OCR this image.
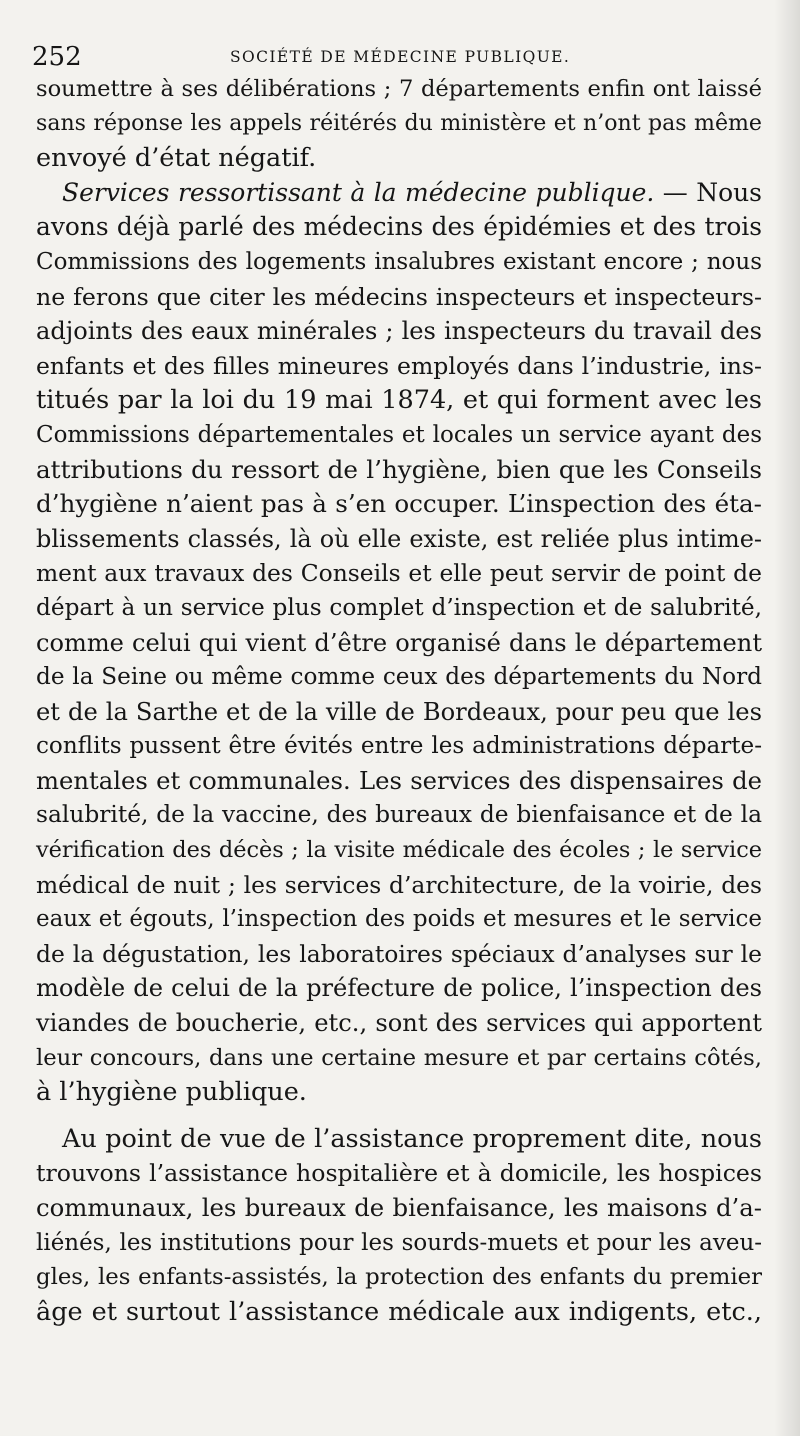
252	SOCIÉTÉ DE MÉDECINE PUBLIQUE.
soumettre à ses délibérations ; 7 départements enfin ont laissé
sans réponse les appels réitérés du ministère et n’ont pas même
envoyé d’état négatif.
Services ressortissant à la médecine publique. — Nous
avons déjà parlé des médecins des épidémies et des trois
Commissions des logements insalubres existant encore ; nous
ne ferons que citer les médecins inspecteurs et inspecteurs-
adjoints des eaux minérales ; les inspecteurs du travail des
enfants et des filles mineures employés dans l’industrie, ins-
titués par la loi du 19 mai 1874, et qui forment avec les
Commissions départementales et locales un service ayant des
attributions du ressort de l’hygiène, bien que les Conseils
d’hygiène n’aient pas à s’en occuper. L’inspection des éta-
blissements classés, là où elle existe, est reliée plus intime-
ment aux travaux des Conseils et elle peut servir de point de
départ à un service plus complet d’inspection et de salubrité,
comme celui qui vient d’être organisé dans le département
de la Seine ou même comme ceux des départements du Nord
et de la Sarthe et de la ville de Bordeaux, pour peu que les
conflits pussent être évités entre les administrations départe-
mentales et communales. Les services des dispensaires de
salubrité, de la vaccine, des bureaux de bienfaisance et de la
vérification des décès ; la visite médicale des écoles ; le service
médical de nuit ; les services d’architecture, de la voirie, des
eaux et égouts, l’inspection des poids et mesures et le service
de la dégustation, les laboratoires spéciaux d’analyses sur le
modèle de celui de la préfecture de police, l’inspection des
viandes de boucherie, etc., sont des services qui apportent
leur concours, dans une certaine mesure et par certains côtés,
à l’hygiène publique.
Au point de vue de l’assistance proprement dite, nous
trouvons l’assistance hospitalière et à domicile, les hospices
communaux, les bureaux de bienfaisance, les maisons d’a-
liénés, les institutions pour les sourds-muets et pour les aveu-
gles, les enfants-assistés, la protection des enfants du premier
âge et surtout l’assistance médicale aux indigents, etc.,
